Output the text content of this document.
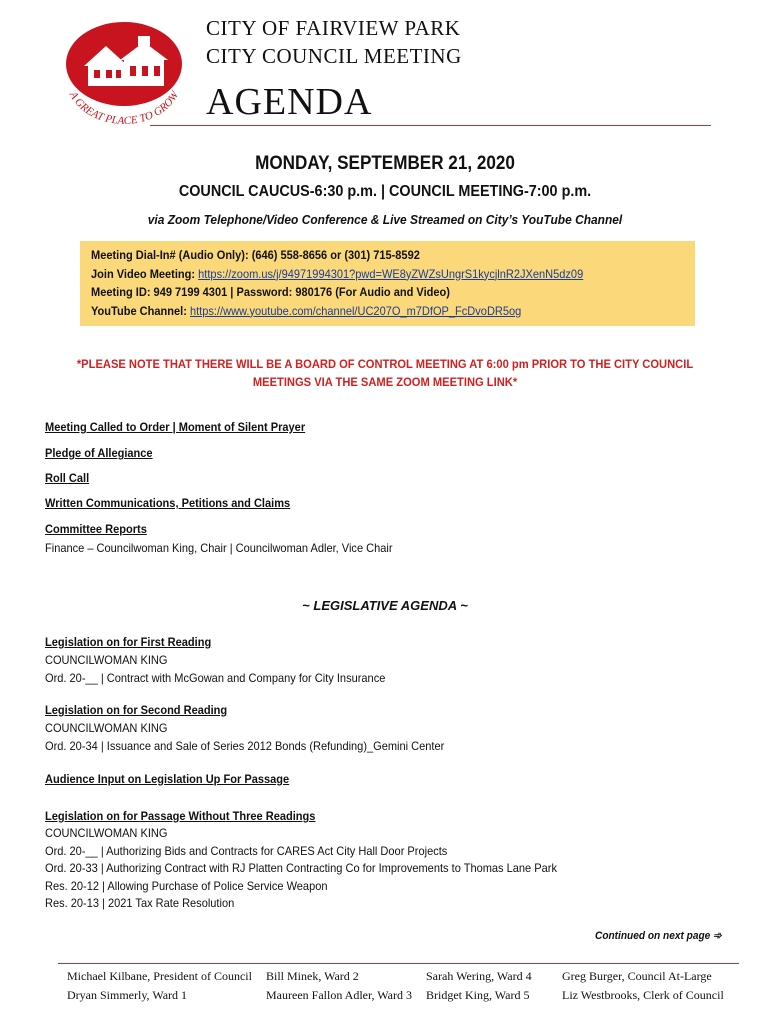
A GREAT PLACE TO GROW
CITY OF FAIRVIEW PARK
CITY COUNCIL MEETING
AGENDA
MONDAY, SEPTEMBER 21, 2020
COUNCIL CAUCUS-6:30 p.m. | COUNCIL MEETING-7:00 p.m.
via Zoom Telephone/Video Conference & Live Streamed on City’s YouTube Channel
Meeting Dial-In# (Audio Only): (646) 558-8656 or (301) 715-8592
Join Video Meeting: https://zoom.us/j/94971994301?pwd=WE8yZWZsUngrS1kycjlnR2JXenN5dz09
Meeting ID: 949 7199 4301 | Password: 980176 (For Audio and Video)
YouTube Channel: https://www.youtube.com/channel/UC207O_m7DfOP_FcDvoDR5og
*PLEASE NOTE THAT THERE WILL BE A BOARD OF CONTROL MEETING AT 6:00 pm PRIOR TO THE CITY COUNCIL
MEETINGS VIA THE SAME ZOOM MEETING LINK*
Meeting Called to Order | Moment of Silent Prayer
Pledge of Allegiance
Roll Call
Written Communications, Petitions and Claims
Committee Reports
Finance – Councilwoman King, Chair | Councilwoman Adler, Vice Chair
~ LEGISLATIVE AGENDA ~
Legislation on for First Reading
COUNCILWOMAN KING
Ord. 20-__ | Contract with McGowan and Company for City Insurance
Legislation on for Second Reading
COUNCILWOMAN KING
Ord. 20-34 | Issuance and Sale of Series 2012 Bonds (Refunding)_Gemini Center
Audience Input on Legislation Up For Passage
Legislation on for Passage Without Three Readings
COUNCILWOMAN KING
Ord. 20-__ | Authorizing Bids and Contracts for CARES Act City Hall Door Projects
Ord. 20-33 | Authorizing Contract with RJ Platten Contracting Co for Improvements to Thomas Lane Park
Res. 20-12 | Allowing Purchase of Police Service Weapon
Res. 20-13 | 2021 Tax Rate Resolution
Continued on next page ➾
Michael Kilbane, President of Council
Dryan Simmerly, Ward 1
Bill Minek, Ward 2
Maureen Fallon Adler, Ward 3
Sarah Wering, Ward 4
Bridget King, Ward 5
Greg Burger, Council At-Large
Liz Westbrooks, Clerk of Council
